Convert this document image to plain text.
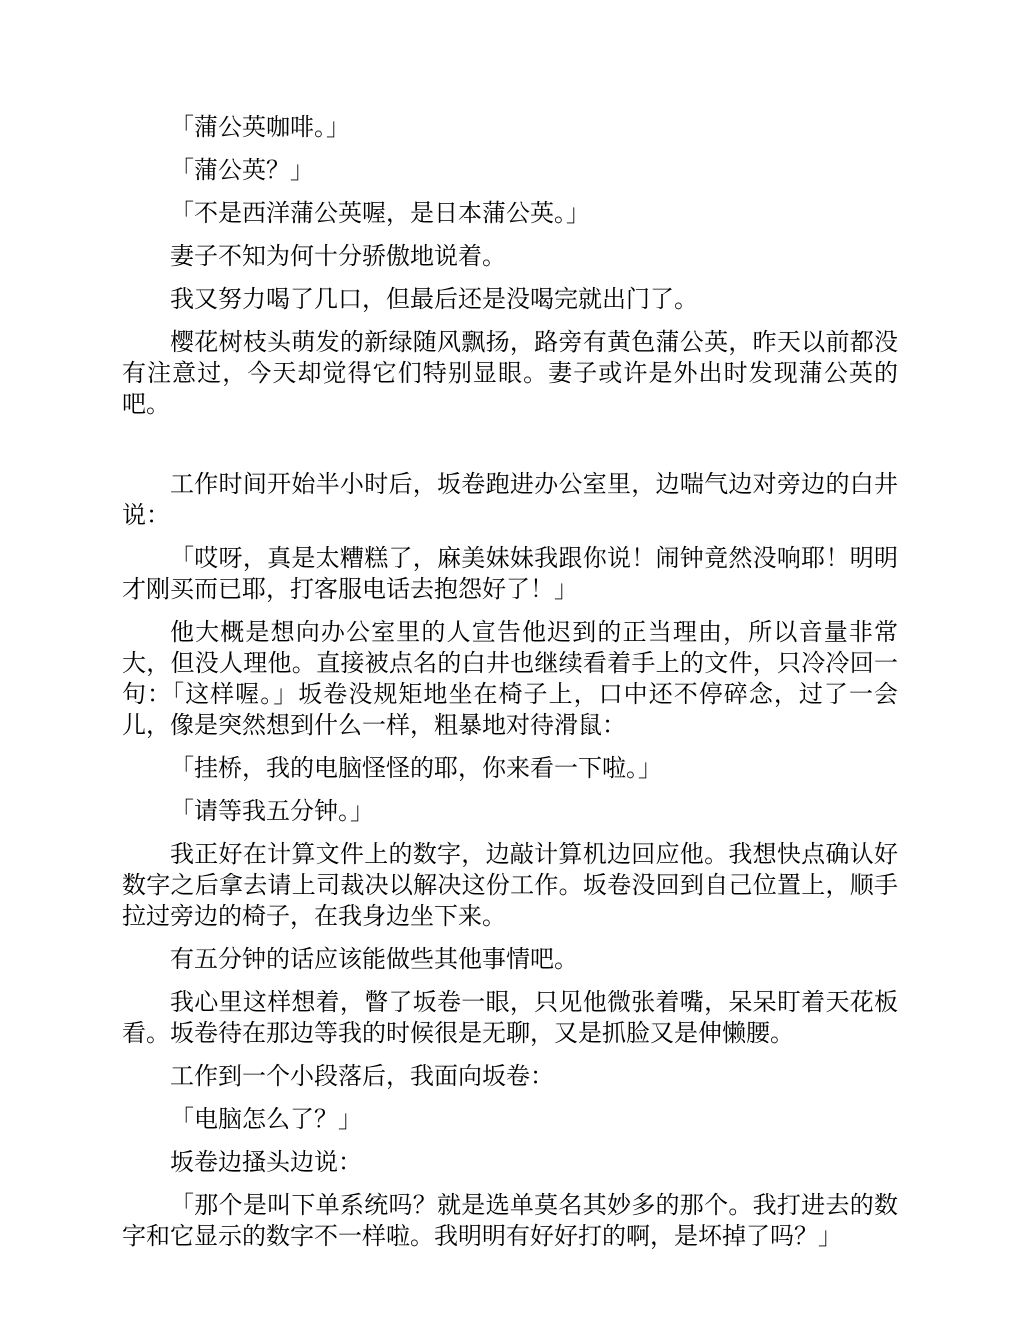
「蒲公英咖啡。」

「蒲公英？」

「不是西洋蒲公英喔，是日本蒲公英。」

妻子不知为何十分骄傲地说着。

我又努力喝了几口，但最后还是没喝完就出门了。

樱花树枝头萌发的新绿随风飘扬，路旁有黄色蒲公英，昨天以前都没有注意过，今天却觉得它们特别显眼。妻子或许是外出时发现蒲公英的吧。

工作时间开始半小时后，坂卷跑进办公室里，边喘气边对旁边的白井说：

「哎呀，真是太糟糕了，麻美妹妹我跟你说！闹钟竟然没响耶！明明才刚买而已耶，打客服电话去抱怨好了！」

他大概是想向办公室里的人宣告他迟到的正当理由，所以音量非常大，但没人理他。直接被点名的白井也继续看着手上的文件，只冷冷回一句：「这样喔。」坂卷没规矩地坐在椅子上，口中还不停碎念，过了一会儿，像是突然想到什么一样，粗暴地对待滑鼠：

「挂桥，我的电脑怪怪的耶，你来看一下啦。」

「请等我五分钟。」

我正好在计算文件上的数字，边敲计算机边回应他。我想快点确认好数字之后拿去请上司裁决以解决这份工作。坂卷没回到自己位置上，顺手拉过旁边的椅子，在我身边坐下来。

有五分钟的话应该能做些其他事情吧。

我心里这样想着，瞥了坂卷一眼，只见他微张着嘴，呆呆盯着天花板看。坂卷待在那边等我的时候很是无聊，又是抓脸又是伸懒腰。

工作到一个小段落后，我面向坂卷：

「电脑怎么了？」

坂卷边搔头边说：

「那个是叫下单系统吗？就是选单莫名其妙多的那个。我打进去的数字和它显示的数字不一样啦。我明明有好好打的啊，是坏掉了吗？」
